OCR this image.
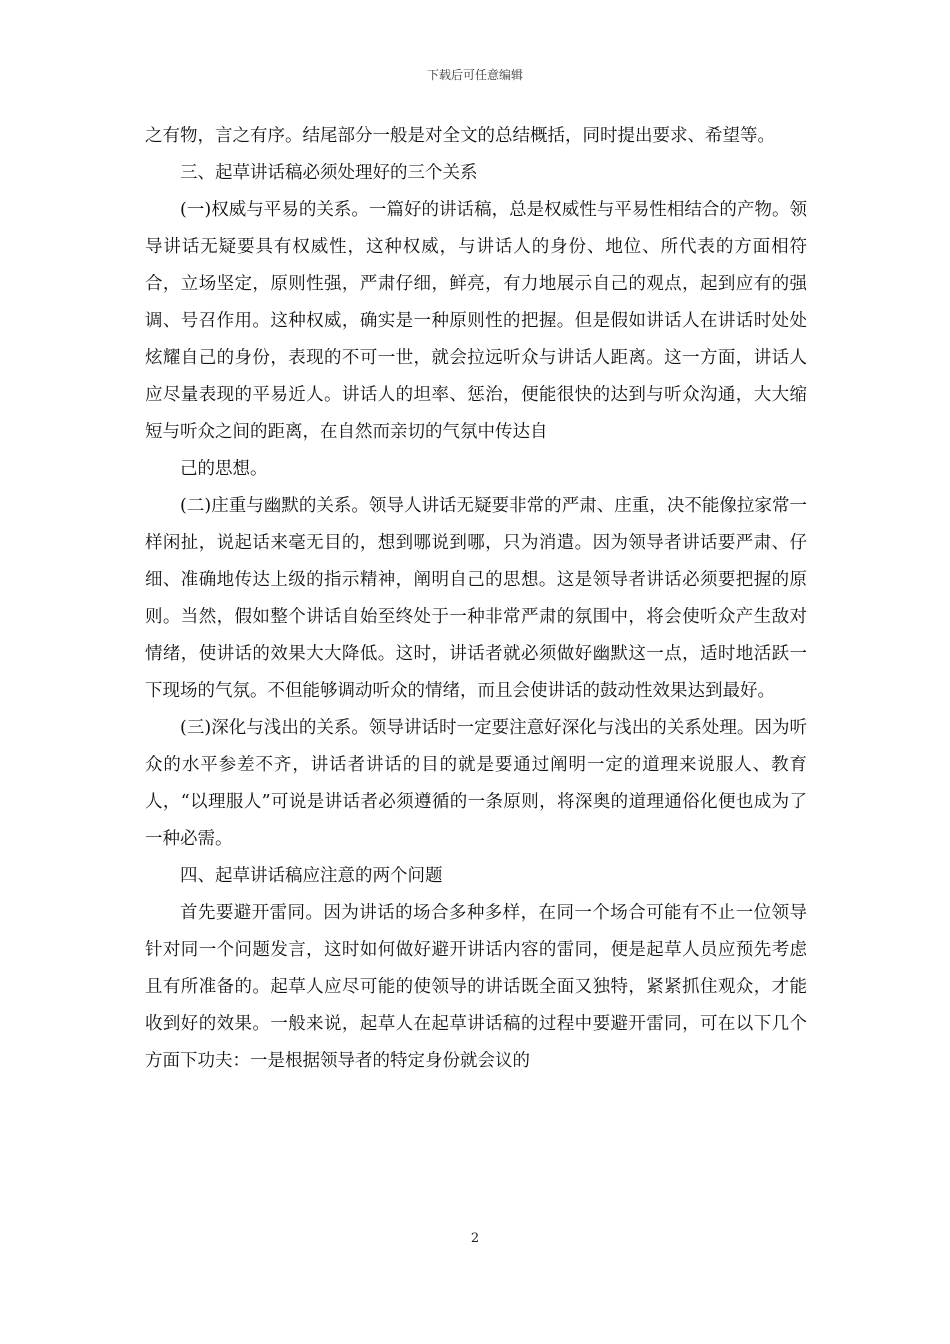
下载后可任意编辑

之有物，言之有序。结尾部分一般是对全文的总结概括，同时提出要求、希望等。

三、起草讲话稿必须处理好的三个关系

(一)权威与平易的关系。一篇好的讲话稿，总是权威性与平易性相结合的产物。领导讲话无疑要具有权威性，这种权威，与讲话人的身份、地位、所代表的方面相符合，立场坚定，原则性强，严肃仔细，鲜亮，有力地展示自己的观点，起到应有的强调、号召作用。这种权威，确实是一种原则性的把握。但是假如讲话人在讲话时处处炫耀自己的身份，表现的不可一世，就会拉远听众与讲话人距离。这一方面，讲话人应尽量表现的平易近人。讲话人的坦率、惩治，便能很快的达到与听众沟通，大大缩短与听众之间的距离，在自然而亲切的气氛中传达自

己的思想。

(二)庄重与幽默的关系。领导人讲话无疑要非常的严肃、庄重，决不能像拉家常一样闲扯，说起话来毫无目的，想到哪说到哪，只为消遣。因为领导者讲话要严肃、仔细、准确地传达上级的指示精神，阐明自己的思想。这是领导者讲话必须要把握的原则。当然，假如整个讲话自始至终处于一种非常严肃的氛围中，将会使听众产生敌对情绪，使讲话的效果大大降低。这时，讲话者就必须做好幽默这一点，适时地活跃一下现场的气氛。不但能够调动听众的情绪，而且会使讲话的鼓动性效果达到最好。

(三)深化与浅出的关系。领导讲话时一定要注意好深化与浅出的关系处理。因为听众的水平参差不齐，讲话者讲话的目的就是要通过阐明一定的道理来说服人、教育人，“以理服人”可说是讲话者必须遵循的一条原则，将深奥的道理通俗化便也成为了一种必需。

四、起草讲话稿应注意的两个问题

首先要避开雷同。因为讲话的场合多种多样，在同一个场合可能有不止一位领导针对同一个问题发言，这时如何做好避开讲话内容的雷同，便是起草人员应预先考虑且有所准备的。起草人应尽可能的使领导的讲话既全面又独特，紧紧抓住观众，才能收到好的效果。一般来说，起草人在起草讲话稿的过程中要避开雷同，可在以下几个方面下功夫：一是根据领导者的特定身份就会议的

2
